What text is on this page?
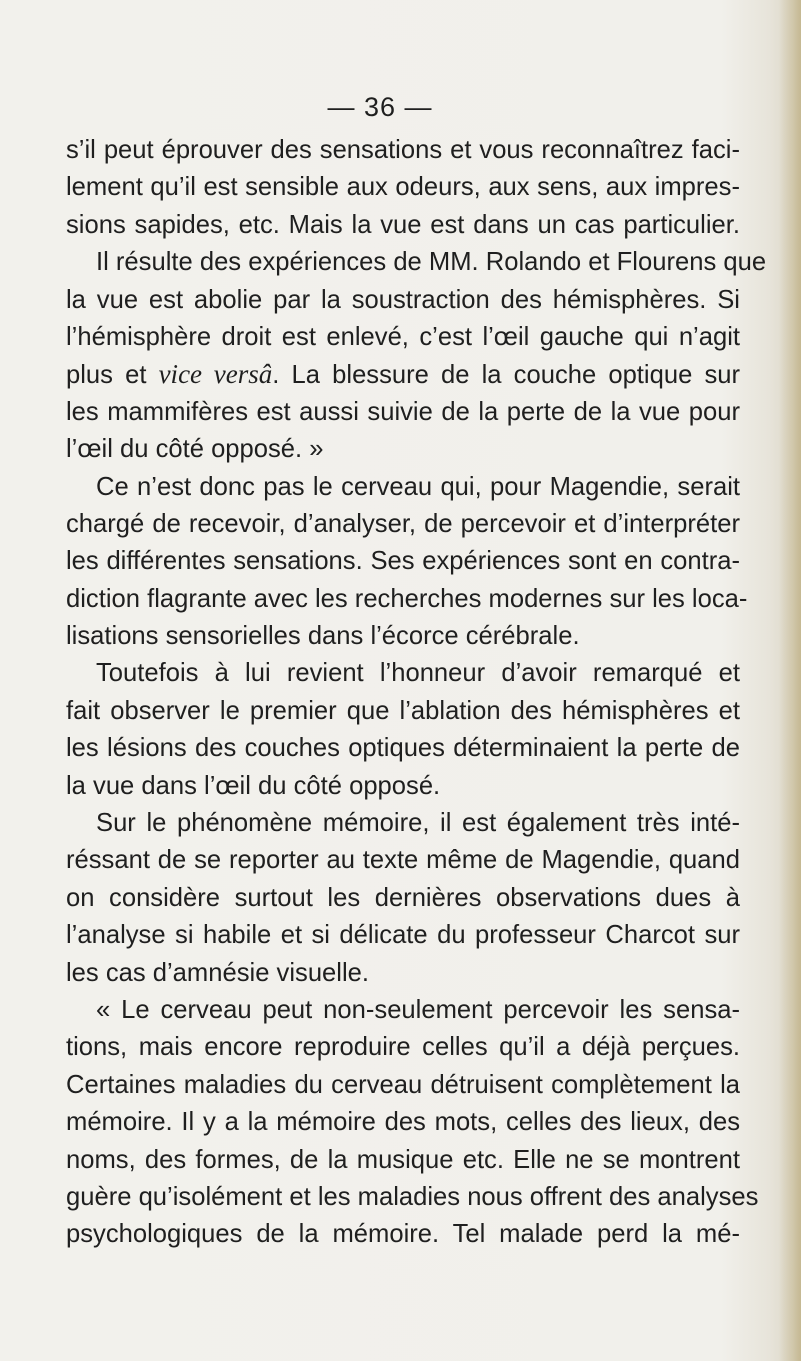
— 36 —
s’il peut éprouver des sensations et vous reconnaîtrez faci-
lement qu’il est sensible aux odeurs, aux sens, aux impres-
sions sapides, etc. Mais la vue est dans un cas particulier.
Il résulte des expériences de MM. Rolando et Flourens que
la vue est abolie par la soustraction des hémisphères. Si
l’hémisphère droit est enlevé, c’est l’œil gauche qui n’agit
plus et vice versâ. La blessure de la couche optique sur
les mammifères est aussi suivie de la perte de la vue pour
l’œil du côté opposé. »
Ce n’est donc pas le cerveau qui, pour Magendie, serait
chargé de recevoir, d’analyser, de percevoir et d’interpréter
les différentes sensations. Ses expériences sont en contra-
diction flagrante avec les recherches modernes sur les loca-
lisations sensorielles dans l’écorce cérébrale.
Toutefois à lui revient l’honneur d’avoir remarqué et
fait observer le premier que l’ablation des hémisphères et
les lésions des couches optiques déterminaient la perte de
la vue dans l’œil du côté opposé.
Sur le phénomène mémoire, il est également très inté-
réssant de se reporter au texte même de Magendie, quand
on considère surtout les dernières observations dues à
l’analyse si habile et si délicate du professeur Charcot sur
les cas d’amnésie visuelle.
« Le cerveau peut non-seulement percevoir les sensa-
tions, mais encore reproduire celles qu’il a déjà perçues.
Certaines maladies du cerveau détruisent complètement la
mémoire. Il y a la mémoire des mots, celles des lieux, des
noms, des formes, de la musique etc. Elle ne se montrent
guère qu’isolément et les maladies nous offrent des analyses
psychologiques de la mémoire. Tel malade perd la mé-
